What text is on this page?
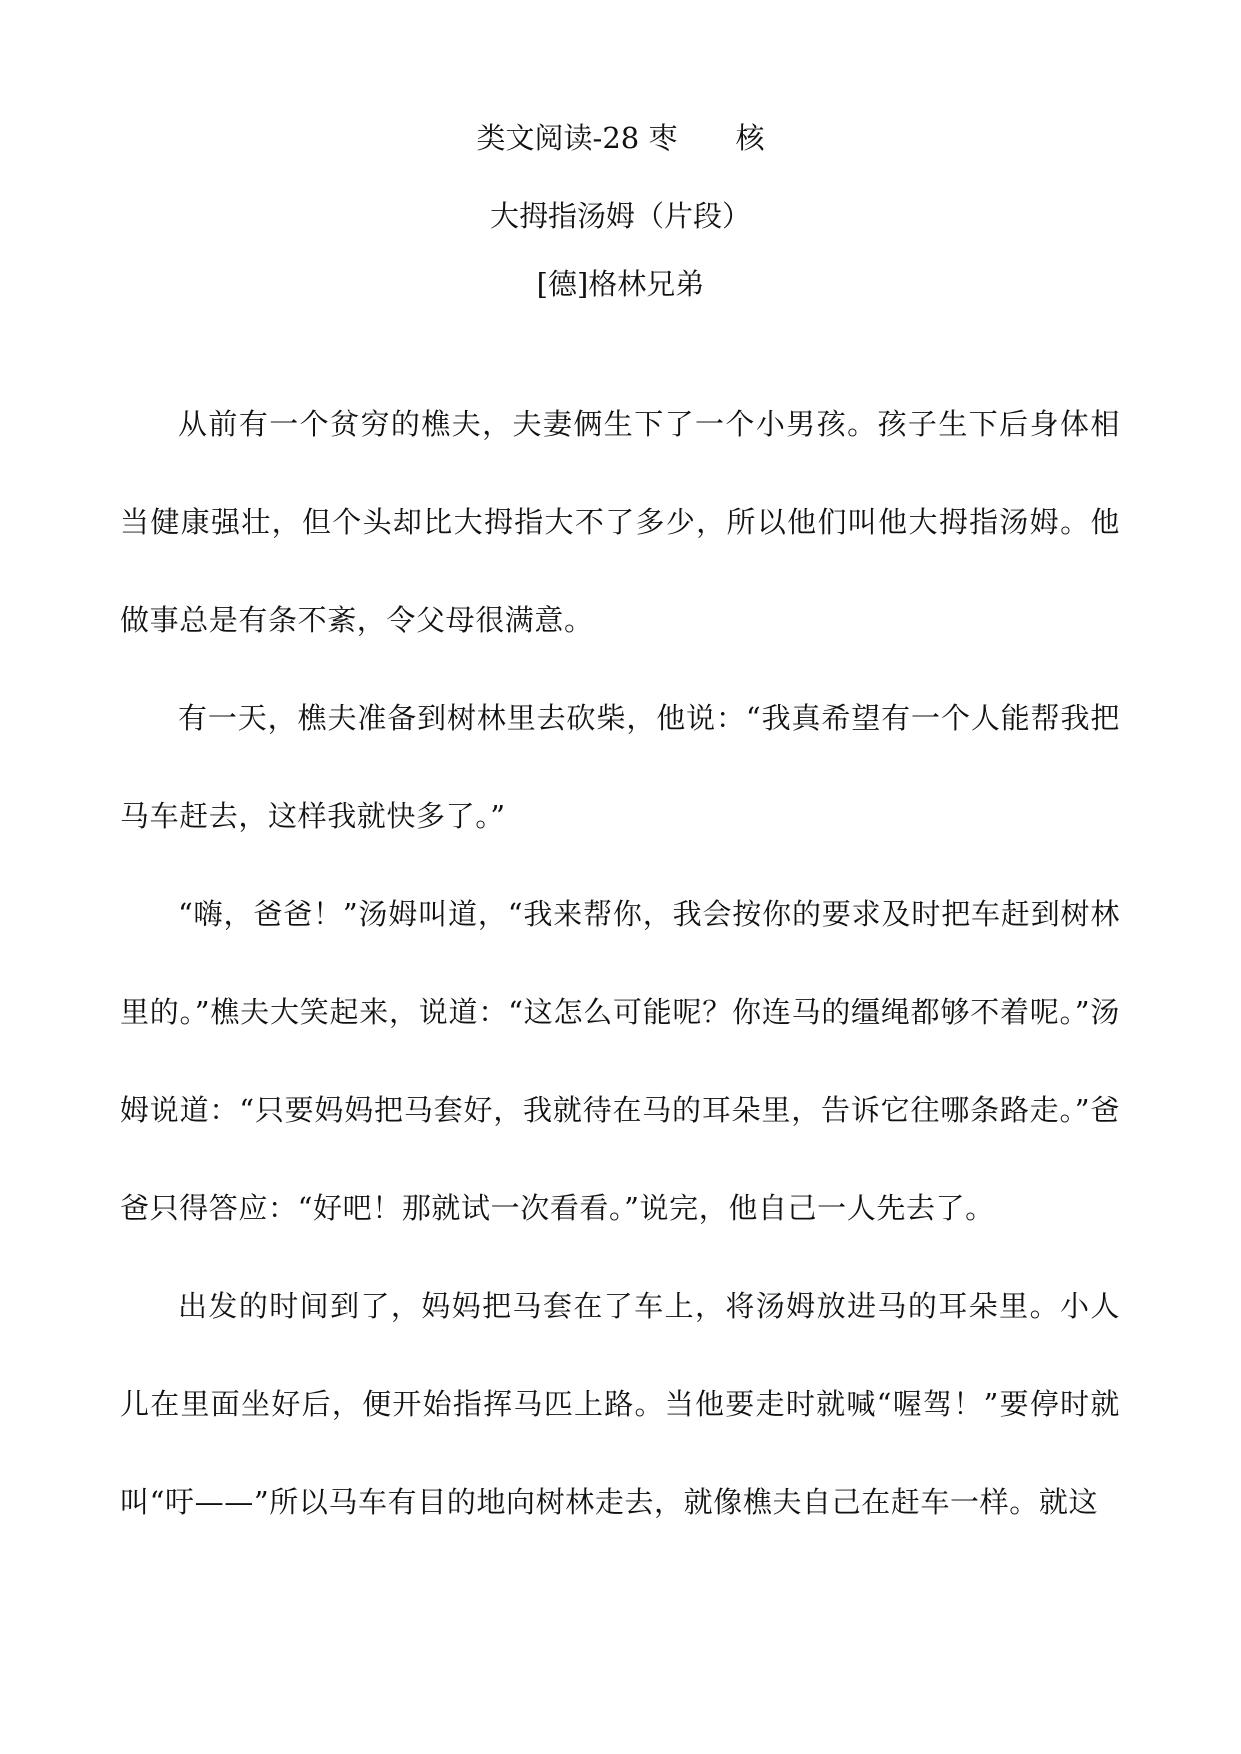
类文阅读-28 枣　　核
大拇指汤姆（片段）
[德]格林兄弟

从前有一个贫穷的樵夫，夫妻俩生下了一个小男孩。孩子生下后身体相当健康强壮，但个头却比大拇指大不了多少，所以他们叫他大拇指汤姆。他做事总是有条不紊，令父母很满意。

有一天，樵夫准备到树林里去砍柴，他说：“我真希望有一个人能帮我把马车赶去，这样我就快多了。”

“嗨，爸爸！”汤姆叫道，“我来帮你，我会按你的要求及时把车赶到树林里的。”樵夫大笑起来，说道：“这怎么可能呢？你连马的缰绳都够不着呢。”汤姆说道：“只要妈妈把马套好，我就待在马的耳朵里，告诉它往哪条路走。”爸爸只得答应：“好吧！那就试一次看看。”说完，他自己一人先去了。

出发的时间到了，妈妈把马套在了车上，将汤姆放进马的耳朵里。小人儿在里面坐好后，便开始指挥马匹上路。当他要走时就喊“喔驾！”要停时就叫“吁——”所以马车有目的地向树林走去，就像樵夫自己在赶车一样。就这
